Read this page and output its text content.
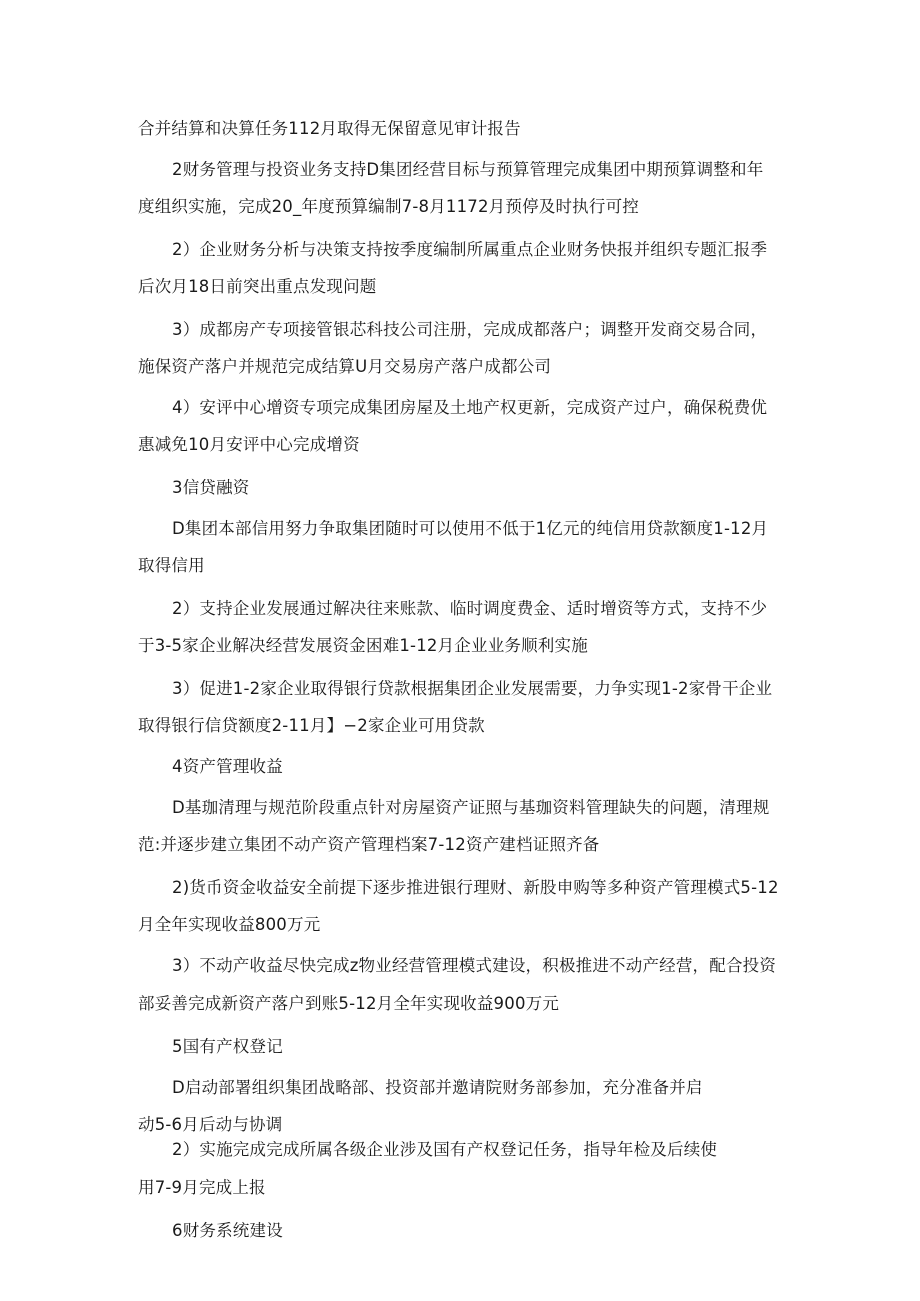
合并结算和决算任务112月取得无保留意见审计报告

2财务管理与投资业务支持D集团经营目标与预算管理完成集团中期预算调整和年

度组织实施，完成20_年度预算编制7-8月1172月预停及时执行可控

2）企业财务分析与决策支持按季度编制所属重点企业财务快报并组织专题汇报季

后次月18日前突出重点发现问题

3）成都房产专项接管银芯科技公司注册，完成成都落户；调整开发商交易合同，

施保资产落户并规范完成结算U月交易房产落户成都公司

4）安评中心增资专项完成集团房屋及土地产权更新，完成资产过户，确保税费优

惠减免10月安评中心完成增资

3信贷融资

D集团本部信用努力争取集团随时可以使用不低于1亿元的纯信用贷款额度1-12月

取得信用

2）支持企业发展通过解决往来账款、临时调度费金、适时增资等方式，支持不少

于3-5家企业解决经营发展资金困难1-12月企业业务顺利实施

3）促进1-2家企业取得银行贷款根据集团企业发展需要，力争实现1-2家骨干企业

取得银行信贷额度2-11月】−2家企业可用贷款

4资产管理收益

D基珈清理与规范阶段重点针对房屋资产证照与基珈资料管理缺失的问题，清理规

范:并逐步建立集团不动产资产管理档案7-12资产建档证照齐备

2)货币资金收益安全前提下逐步推进银行理财、新股申购等多种资产管理模式5-12

月全年实现收益800万元

3）不动产收益尽快完成z物业经营管理模式建设，积极推进不动产经营，配合投资

部妥善完成新资产落户到账5-12月全年实现收益900万元

5国有产权登记

D启动部署组织集团战略部、投资部并邀请院财务部参加，充分准备并启

动5-6月后动与协调

2）实施完成完成所属各级企业涉及国有产权登记任务，指导年检及后续使

用7-9月完成上报

6财务系统建设
